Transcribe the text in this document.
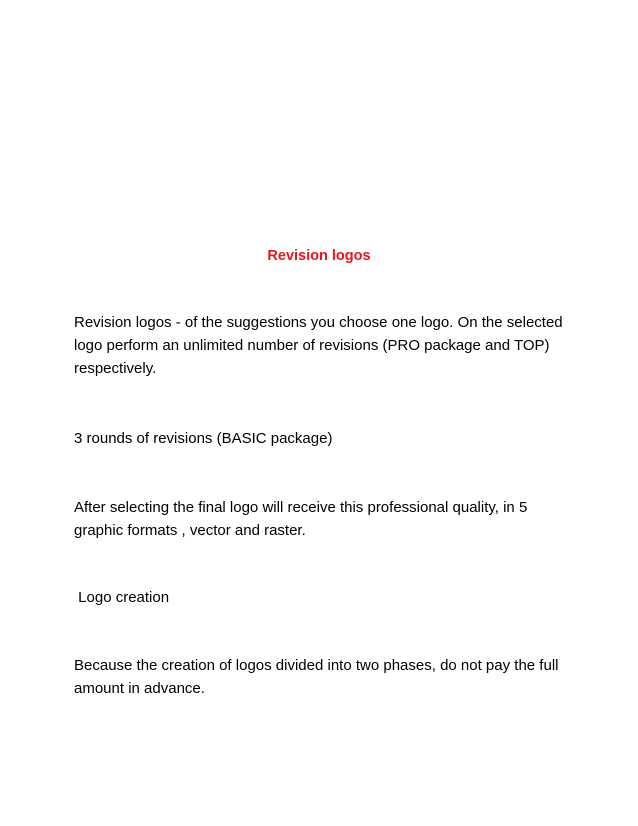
Revision logos

Revision logos - of the suggestions you choose one logo. On the selected logo perform an unlimited number of revisions (PRO package and TOP) respectively.

3 rounds of revisions (BASIC package)

After selecting the final logo will receive this professional quality, in 5 graphic formats , vector and raster.

Logo creation

Because the creation of logos divided into two phases, do not pay the full amount in advance.
